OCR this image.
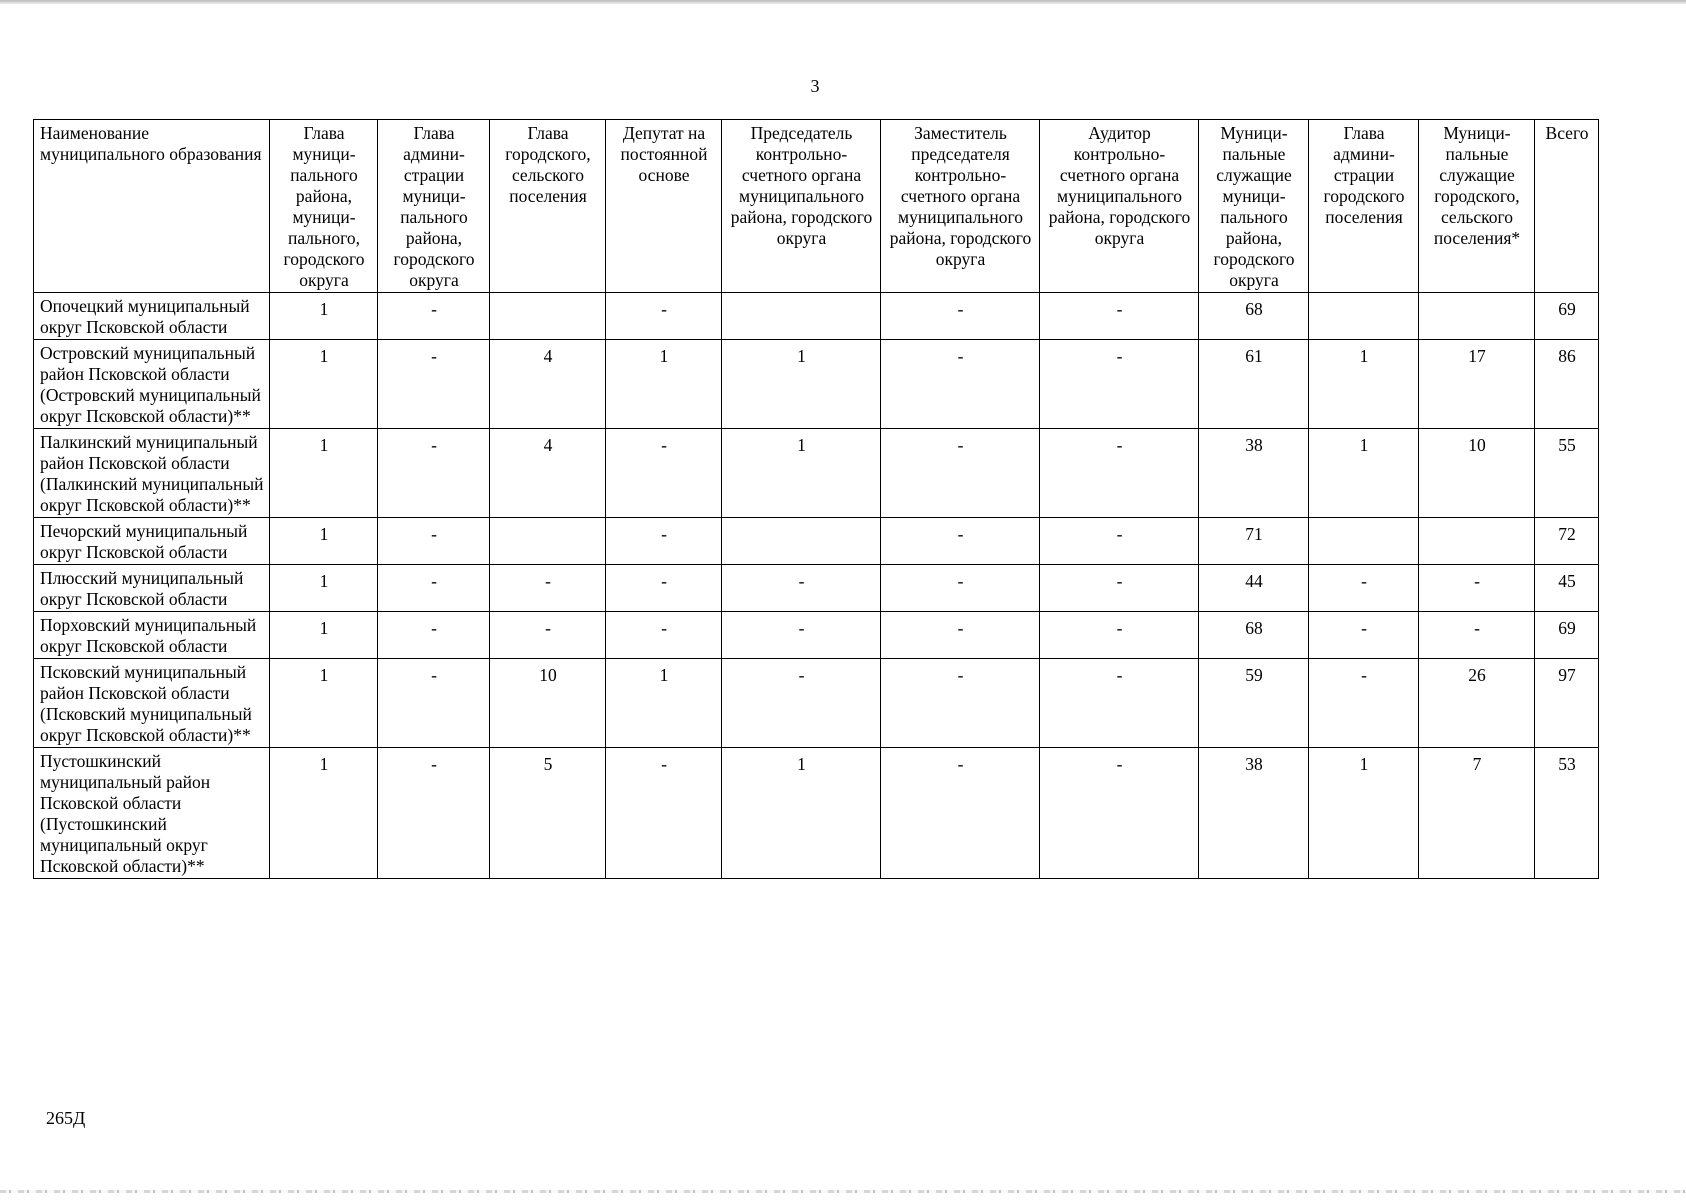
3
Наименование муниципального образования	Глава муници-пального района, муници-пального, городского округа	Глава админи-страции муници-пального района, городского округа	Глава городского, сельского поселения	Депутат на постоянной основе	Председатель контрольно-счетного органа муниципального района, городского округа	Заместитель председателя контрольно-счетного органа муниципального района, городского округа	Аудитор контрольно-счетного органа муниципального района, городского округа	Муници-пальные служащие муници-пального района, городского округа	Глава админи-страции городского поселения	Муници-пальные служащие городского, сельского поселения*	Всего
Опочецкий муниципальный округ Псковской области	1	-		-		-	-	68			69
Островский муниципальный район Псковской области (Островский муниципальный округ Псковской области)**	1	-	4	1	1	-	-	61	1	17	86
Палкинский муниципальный район Псковской области (Палкинский муниципальный округ Псковской области)**	1	-	4	-	1	-	-	38	1	10	55
Печорский муниципальный округ Псковской области	1	-		-		-	-	71			72
Плюсский муниципальный округ Псковской области	1	-	-	-	-	-	-	44	-	-	45
Порховский муниципальный округ Псковской области	1	-	-	-	-	-	-	68	-	-	69
Псковский муниципальный район Псковской области (Псковский муниципальный округ Псковской области)**	1	-	10	1	-	-	-	59	-	26	97
Пустошкинский муниципальный район Псковской области (Пустошкинский муниципальный округ Псковской области)**	1	-	5	-	1	-	-	38	1	7	53
265Д
